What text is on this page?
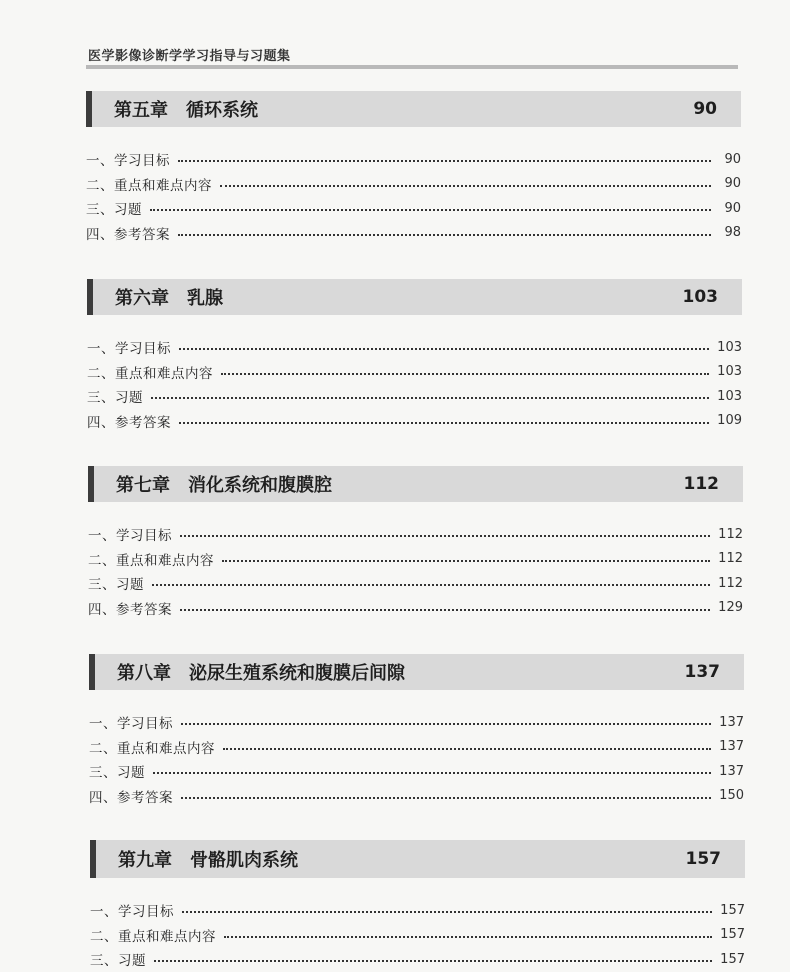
医学影像诊断学学习指导与习题集
第五章　循环系统	90
一、学习目标	90
二、重点和难点内容	90
三、习题	90
四、参考答案	98
第六章　乳腺	103
一、学习目标	103
二、重点和难点内容	103
三、习题	103
四、参考答案	109
第七章　消化系统和腹膜腔	112
一、学习目标	112
二、重点和难点内容	112
三、习题	112
四、参考答案	129
第八章　泌尿生殖系统和腹膜后间隙	137
一、学习目标	137
二、重点和难点内容	137
三、习题	137
四、参考答案	150
第九章　骨骼肌肉系统	157
一、学习目标	157
二、重点和难点内容	157
三、习题	157
